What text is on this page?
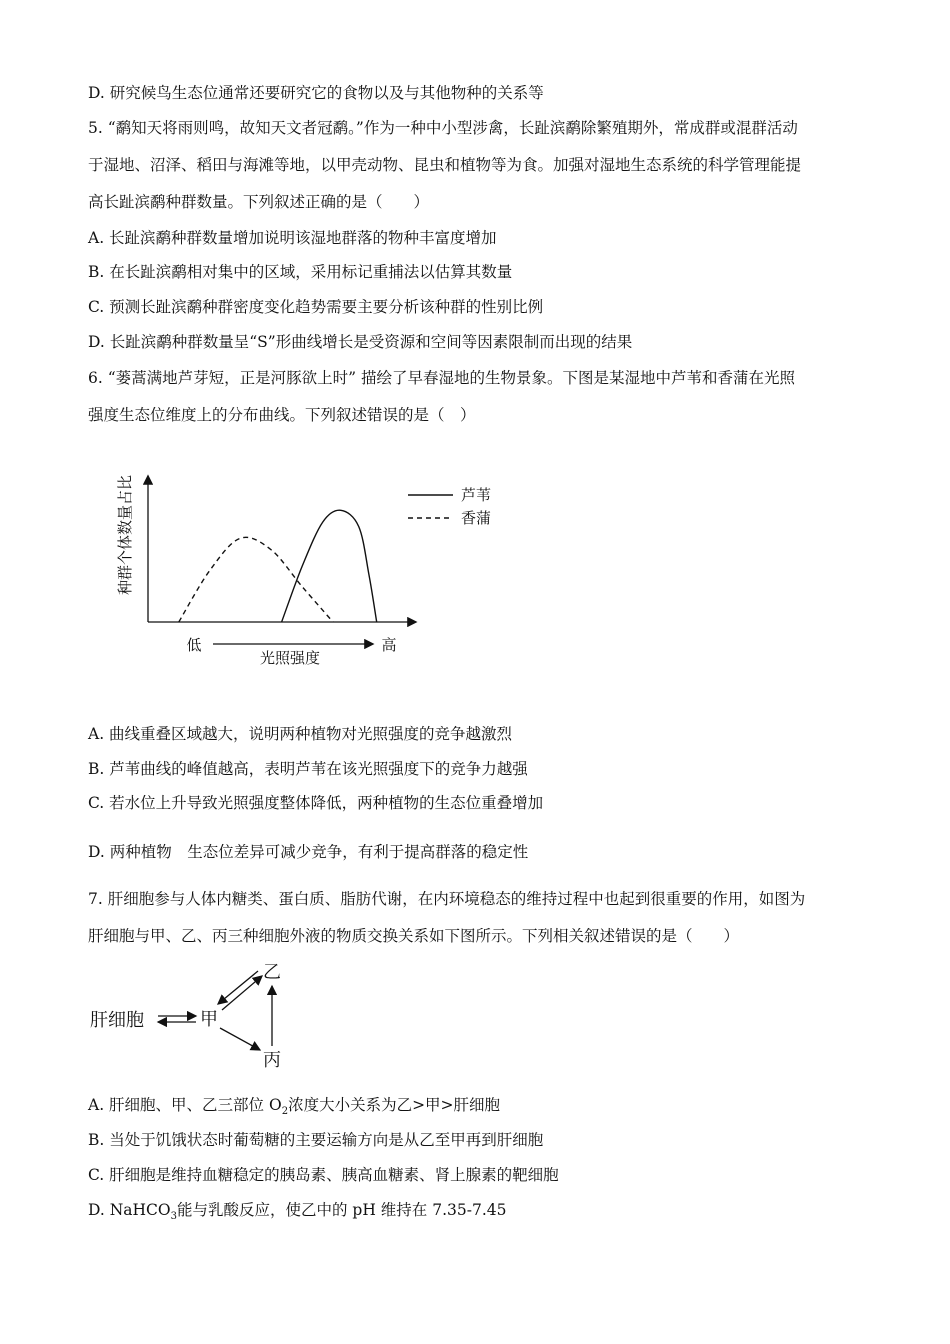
D. 研究候鸟生态位通常还要研究它的食物以及与其他物种的关系等
5. “鹬知天将雨则鸣，故知天文者冠鹬。”作为一种中小型涉禽，长趾滨鹬除繁殖期外，常成群或混群活动
于湿地、沼泽、稻田与海滩等地，以甲壳动物、昆虫和植物等为食。加强对湿地生态系统的科学管理能提
高长趾滨鹬种群数量。下列叙述正确的是（　　）
A. 长趾滨鹬种群数量增加说明该湿地群落的物种丰富度增加
B. 在长趾滨鹬相对集中的区域，采用标记重捕法以估算其数量
C. 预测长趾滨鹬种群密度变化趋势需要主要分析该种群的性别比例
D. 长趾滨鹬种群数量呈“S”形曲线增长是受资源和空间等因素限制而出现的结果
6. “蒌蒿满地芦芽短，正是河豚欲上时” 描绘了早春湿地的生物景象。下图是某湿地中芦苇和香蒲在光照
强度生态位维度上的分布曲线。下列叙述错误的是（　）
种群个体数量占比
低	高
光照强度
芦苇
香蒲
A. 曲线重叠区域越大，说明两种植物对光照强度的竞争越激烈
B. 芦苇曲线的峰值越高，表明芦苇在该光照强度下的竞争力越强
C. 若水位上升导致光照强度整体降低，两种植物的生态位重叠增加
D. 两种植物　生态位差异可减少竞争，有利于提高群落的稳定性
7. 肝细胞参与人体内糖类、蛋白质、脂肪代谢，在内环境稳态的维持过程中也起到很重要的作用，如图为
肝细胞与甲、乙、丙三种细胞外液的物质交换关系如下图所示。下列相关叙述错误的是（　　）
肝细胞	甲
乙
丙
A. 肝细胞、甲、乙三部位 $O_2$浓度大小关系为乙>甲>肝细胞
B. 当处于饥饿状态时葡萄糖的主要运输方向是从乙至甲再到肝细胞
C. 肝细胞是维持血糖稳定的胰岛素、胰高血糖素、肾上腺素的靶细胞
D. NaHCO$_3$能与乳酸反应，使乙中的 pH 维持在 7.35-7.45
